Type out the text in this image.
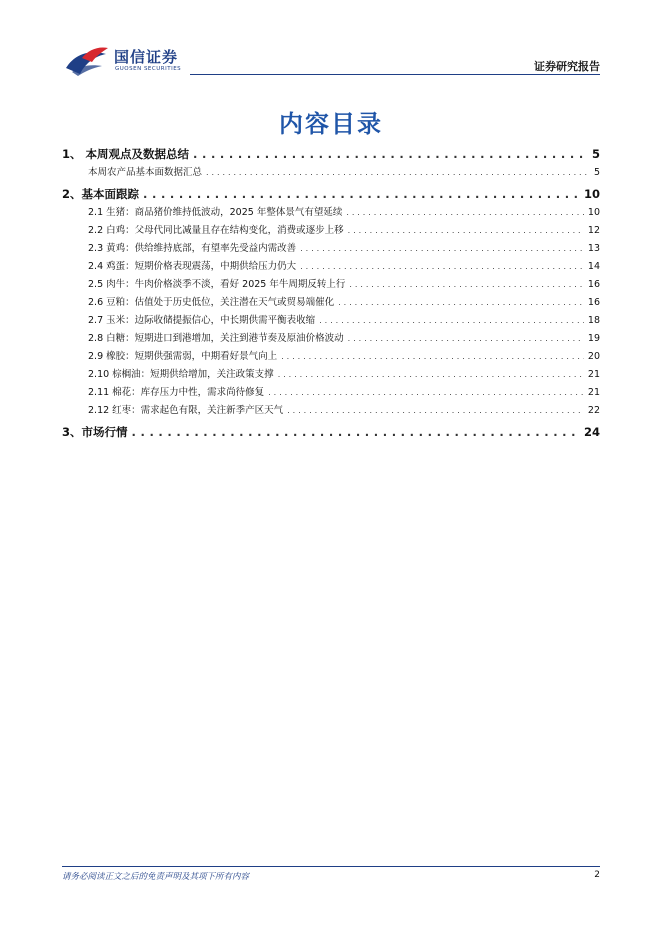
国信证券
GUOSEN SECURITIES	证券研究报告
内容目录
1、 本周观点及数据总结 . . .	5
本周农产品基本面数据汇总 . . .	5
2、基本面跟踪 . . .	10
2.1 生猪：商品猪价维持低波动，2025 年整体景气有望延续 . . .	10
2.2 白鸡：父母代同比减量且存在结构变化，消费或逐步上移 . . .	12
2.3 黄鸡：供给维持底部，有望率先受益内需改善 . . .	13
2.4 鸡蛋：短期价格表现震荡，中期供给压力仍大 . . .	14
2.5 肉牛：牛肉价格淡季不淡，看好 2025 年牛周期反转上行 . . .	16
2.6 豆粕：估值处于历史低位，关注潜在天气或贸易端催化 . . .	16
2.7 玉米：边际收储提振信心，中长期供需平衡表收缩 . . .	18
2.8 白糖：短期进口到港增加，关注到港节奏及原油价格波动 . . .	19
2.9 橡胶：短期供强需弱，中期看好景气向上 . . .	20
2.10 棕榈油：短期供给增加，关注政策支撑 . . .	21
2.11 棉花：库存压力中性，需求尚待修复 . . .	21
2.12 红枣：需求起色有限，关注新季产区天气 . . .	22
3、市场行情 . . .	24
请务必阅读正文之后的免责声明及其项下所有内容	2
